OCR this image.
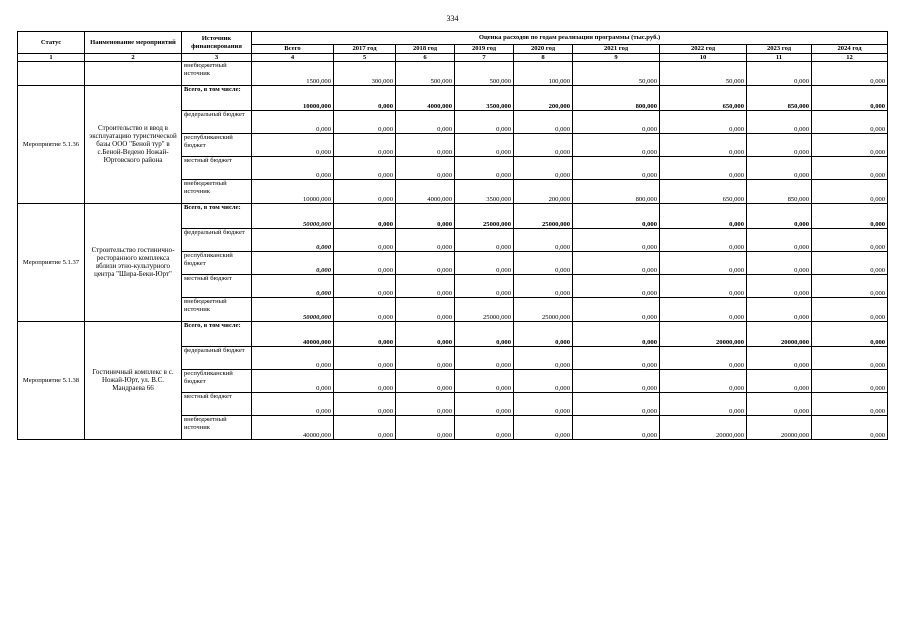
334
Статус	Наименование мероприятий	Источник финансирования	Оценка расходов по годам реализации программы (тыс.руб.)								
			Всего	2017 год	2018 год	2019 год	2020 год	2021 год	2022 год	2023 год	2024 год
1	2	3	4	5	6	7	8	9	10	11	12
		внебюджетный источник	1500,000	300,000	500,000	500,000	100,000	50,000	50,000	0,000	0,000
Мероприятие 5.1.36	Строительство и ввод в эксплуатацию туристической базы ООО "Беной тур" в с.Беной-Ведено Ножай-Юртовского района	Всего, в том числе:	10000,000	0,000	4000,000	3500,000	200,000	800,000	650,000	850,000	0,000
		федеральный бюджет	0,000	0,000	0,000	0,000	0,000	0,000	0,000	0,000	0,000
		республиканский бюджет	0,000	0,000	0,000	0,000	0,000	0,000	0,000	0,000	0,000
		местный бюджет	0,000	0,000	0,000	0,000	0,000	0,000	0,000	0,000	0,000
		внебюджетный источник	10000,000	0,000	4000,000	3500,000	200,000	800,000	650,000	850,000	0,000
Мероприятие 5.1.37	Строительство гостинично-ресторанного комплекса вблизи этно-культурного центра "Шира-Беки-Юрт"	Всего, в том числе:	50000,000	0,000	0,000	25000,000	25000,000	0,000	0,000	0,000	0,000
		федеральный бюджет	0,000	0,000	0,000	0,000	0,000	0,000	0,000	0,000	0,000
		республиканский бюджет	0,000	0,000	0,000	0,000	0,000	0,000	0,000	0,000	0,000
		местный бюджет	0,000	0,000	0,000	0,000	0,000	0,000	0,000	0,000	0,000
		внебюджетный источник	50000,000	0,000	0,000	25000,000	25000,000	0,000	0,000	0,000	0,000
Мероприятие 5.1.38	Гостиничный комплекс в с. Ножай-Юрт, ул. В.С. Мандраева 66	Всего, в том числе:	40000,000	0,000	0,000	0,000	0,000	0,000	20000,000	20000,000	0,000
		федеральный бюджет	0,000	0,000	0,000	0,000	0,000	0,000	0,000	0,000	0,000
		республиканский бюджет	0,000	0,000	0,000	0,000	0,000	0,000	0,000	0,000	0,000
		местный бюджет	0,000	0,000	0,000	0,000	0,000	0,000	0,000	0,000	0,000
		внебюджетный источник	40000,000	0,000	0,000	0,000	0,000	0,000	20000,000	20000,000	0,000
